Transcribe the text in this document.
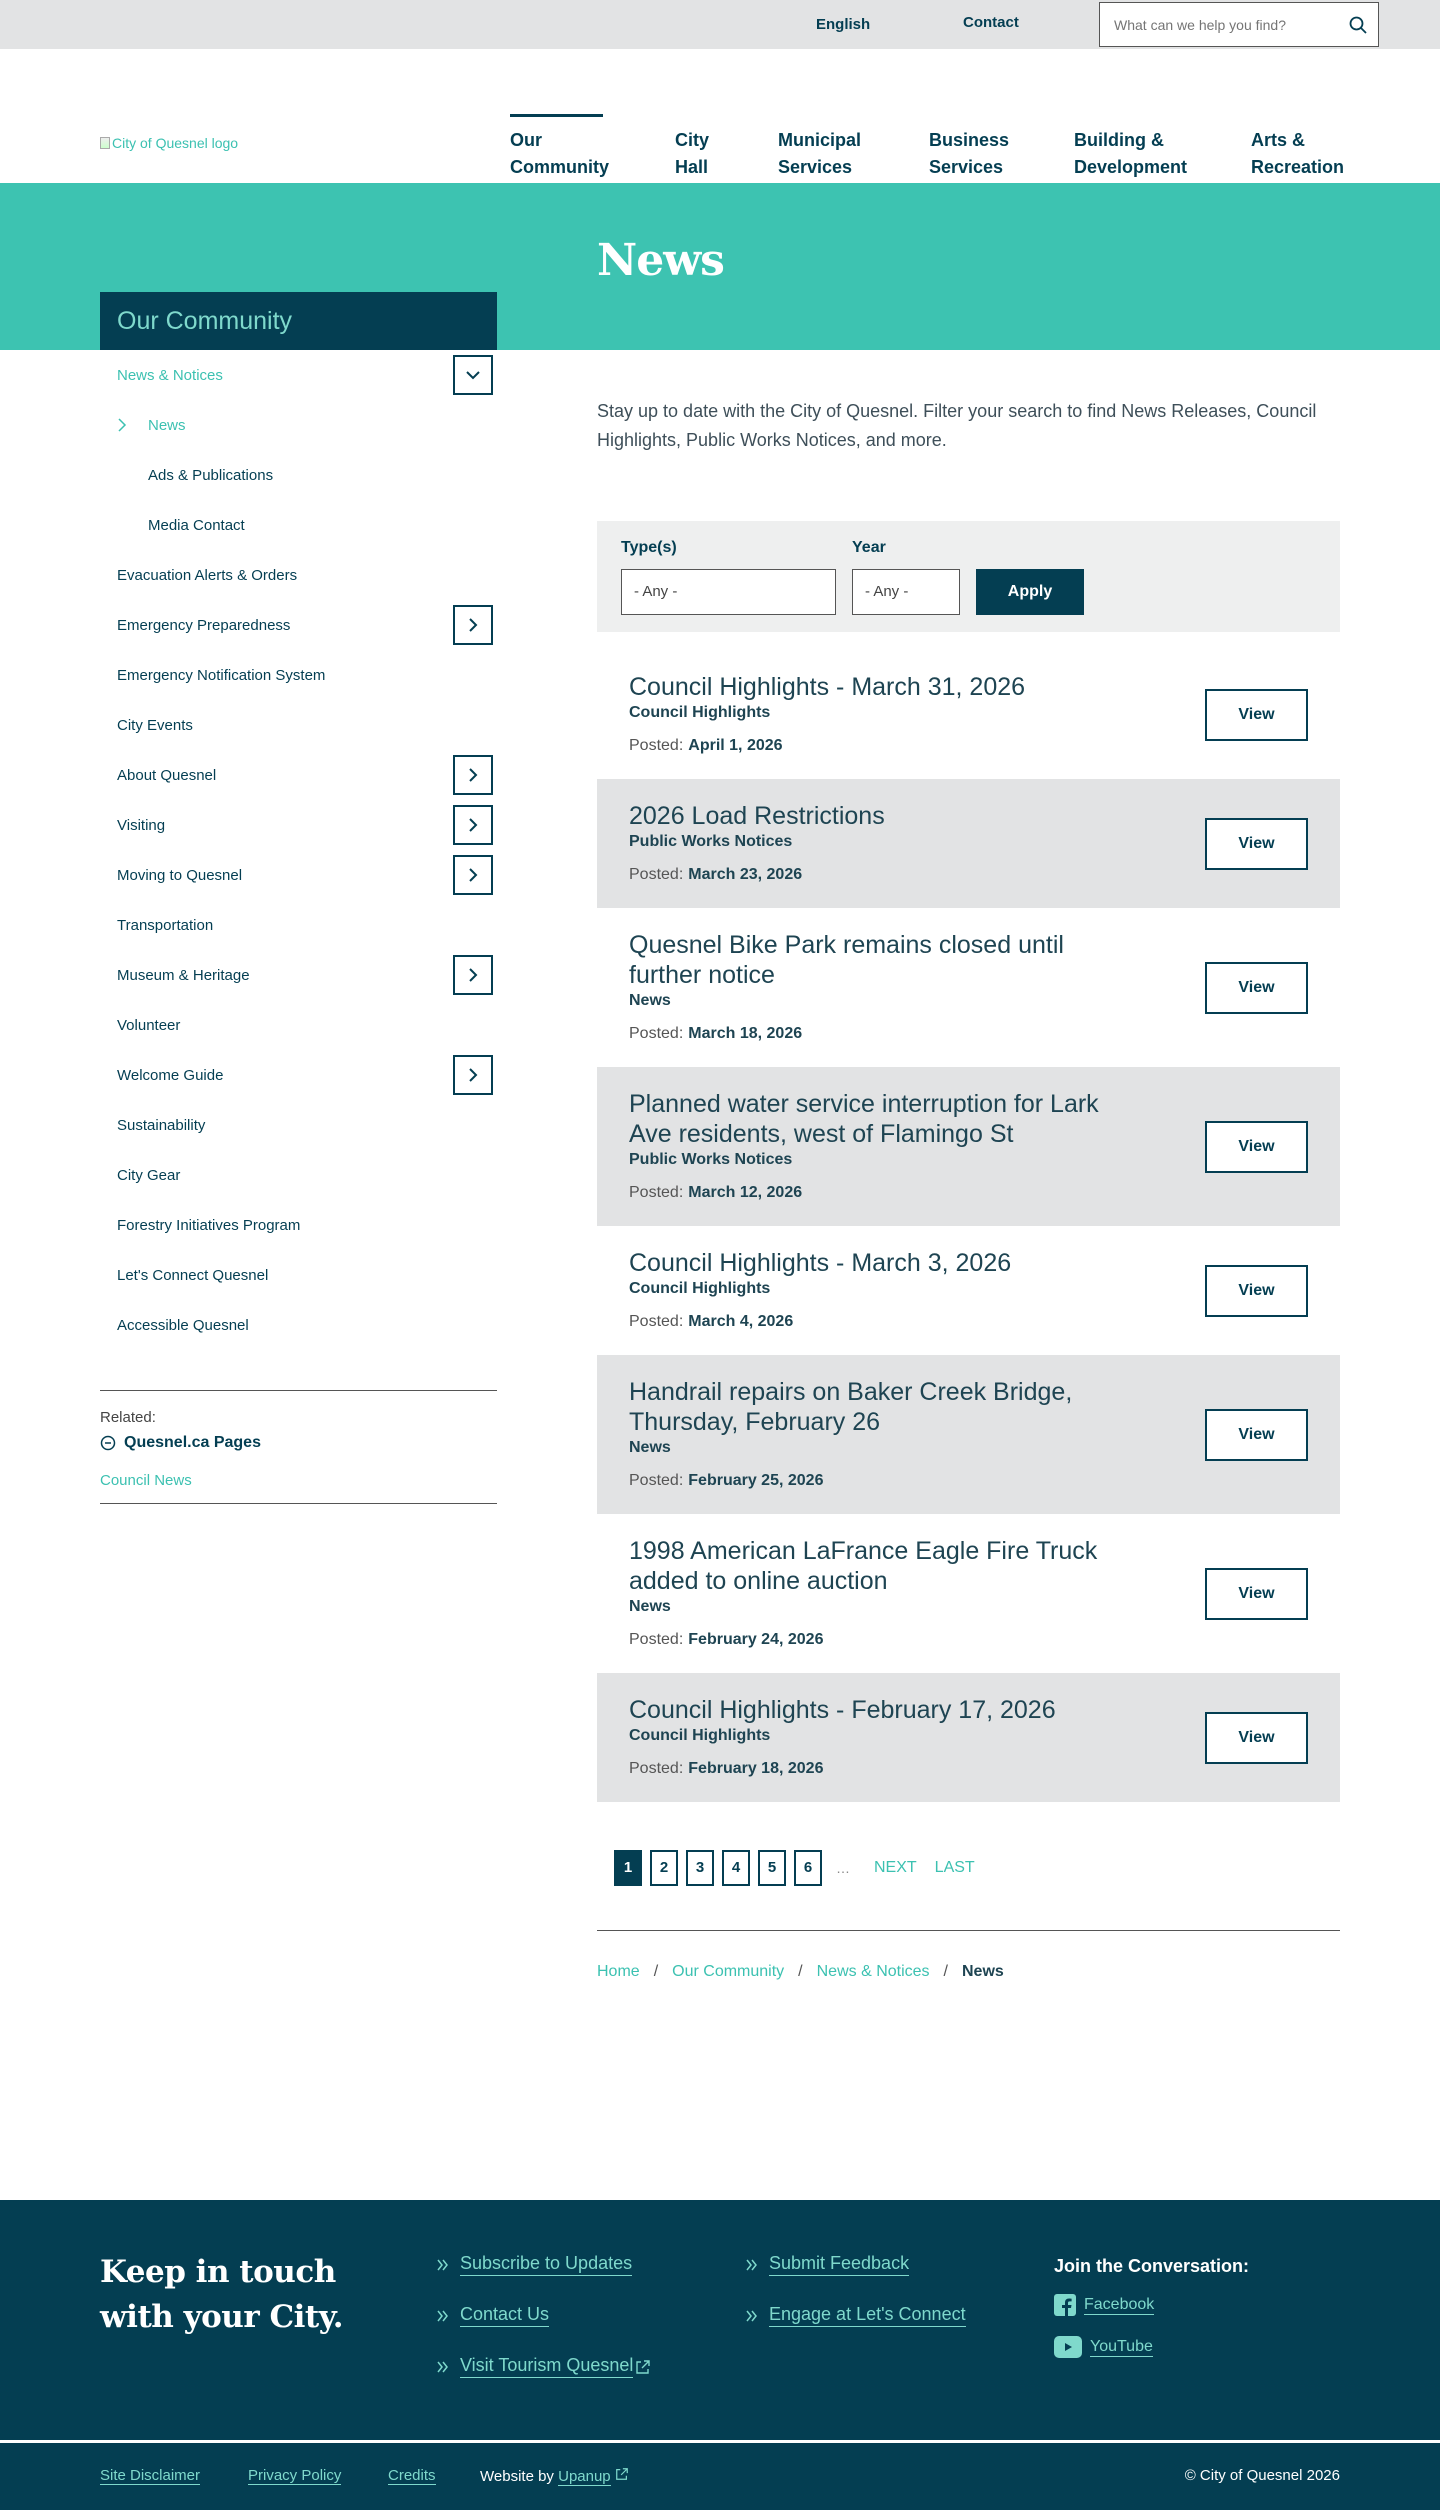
English	Contact
What can we help you find?
City of Quesnel logo	Our
Community
City
Hall
Municipal
Services
Business
Services
Building &
Development
Arts &
Recreation
News
Our Community
News & Notices
News
Ads & Publications
Media Contact
Evacuation Alerts & Orders
Emergency Preparedness
Emergency Notification System
City Events
About Quesnel
Visiting
Moving to Quesnel
Transportation
Museum & Heritage
Volunteer
Welcome Guide
Sustainability
City Gear
Forestry Initiatives Program
Let's Connect Quesnel
Accessible Quesnel
Related:
Quesnel.ca Pages
Council News

Stay up to date with the City of Quesnel. Filter your search to find News Releases, Council Highlights, Public Works Notices, and more.

Type(s)
- Any -
Year
- Any -	Apply
Council Highlights - March 31, 2026
Council Highlights
Posted: April 1, 2026
View
2026 Load Restrictions
Public Works Notices
Posted: March 23, 2026
View
Quesnel Bike Park remains closed until further notice
News
Posted: March 18, 2026
View
Planned water service interruption for Lark Ave residents, west of Flamingo St
Public Works Notices
Posted: March 12, 2026
View
Council Highlights - March 3, 2026
Council Highlights
Posted: March 4, 2026
View
Handrail repairs on Baker Creek Bridge, Thursday, February 26
News
Posted: February 25, 2026
View
1998 American LaFrance Eagle Fire Truck added to online auction
News
Posted: February 24, 2026
View
Council Highlights - February 17, 2026
Council Highlights
Posted: February 18, 2026
View
1	2	3	4	5	6	… NEXT LAST
Home / Our Community / News & Notices / News
Keep in touch
with your City.
Subscribe to Updates
Contact Us
Visit Tourism Quesnel
Submit Feedback
Engage at Let's Connect
Join the Conversation:
Facebook
YouTube
Site Disclaimer	Privacy Policy	Credits	Website by Upanup	© City of Quesnel 2026
